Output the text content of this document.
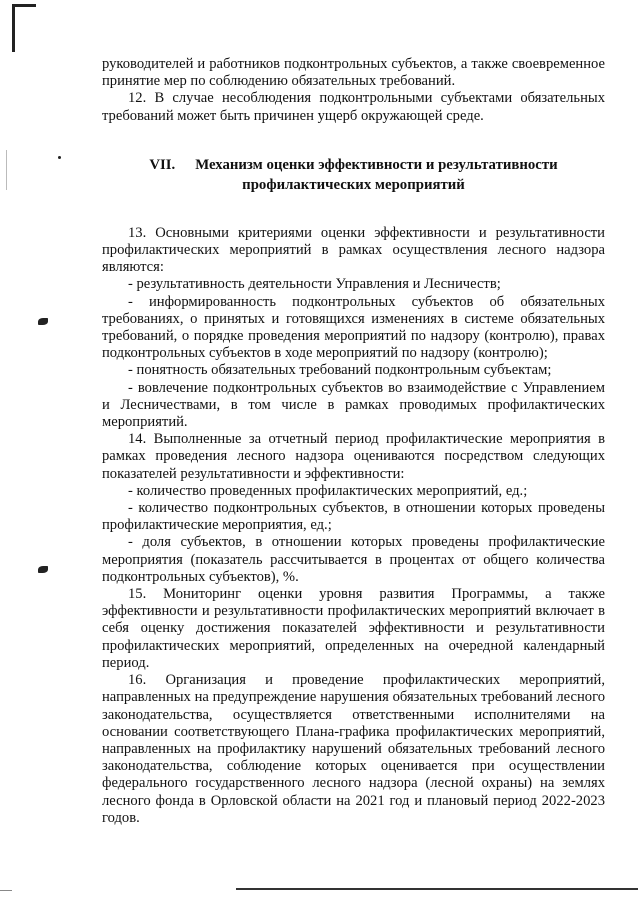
руководителей и работников подконтрольных субъектов, а также своевременное принятие мер по соблюдению обязательных требований.

12. В случае несоблюдения подконтрольными субъектами обязательных требований может быть причинен ущерб окружающей среде.

VII. Механизм оценки эффективности и результативности
профилактических мероприятий

13. Основными критериями оценки эффективности и результативности профилактических мероприятий в рамках осуществления лесного надзора являются:

- результативность деятельности Управления и Лесничеств;

- информированность подконтрольных субъектов об обязательных требованиях, о принятых и готовящихся изменениях в системе обязательных требований, о порядке проведения мероприятий по надзору (контролю), правах подконтрольных субъектов в ходе мероприятий по надзору (контролю);

- понятность обязательных требований подконтрольным субъектам;

- вовлечение подконтрольных субъектов во взаимодействие с Управлением и Лесничествами, в том числе в рамках проводимых профилактических мероприятий.

14. Выполненные за отчетный период профилактические мероприятия в рамках проведения лесного надзора оцениваются посредством следующих показателей результативности и эффективности:

- количество проведенных профилактических мероприятий, ед.;

- количество подконтрольных субъектов, в отношении которых проведены профилактические мероприятия, ед.;

- доля субъектов, в отношении которых проведены профилактические мероприятия (показатель рассчитывается в процентах от общего количества подконтрольных субъектов), %.

15. Мониторинг оценки уровня развития Программы, а также эффективности и результативности профилактических мероприятий включает в себя оценку достижения показателей эффективности и результативности профилактических мероприятий, определенных на очередной календарный период.

16. Организация и проведение профилактических мероприятий, направленных на предупреждение нарушения обязательных требований лесного законодательства, осуществляется ответственными исполнителями на основании соответствующего Плана-графика профилактических мероприятий, направленных на профилактику нарушений обязательных требований лесного законодательства, соблюдение которых оценивается при осуществлении федерального государственного лесного надзора (лесной охраны) на землях лесного фонда в Орловской области на 2021 год и плановый период 2022-2023 годов.
